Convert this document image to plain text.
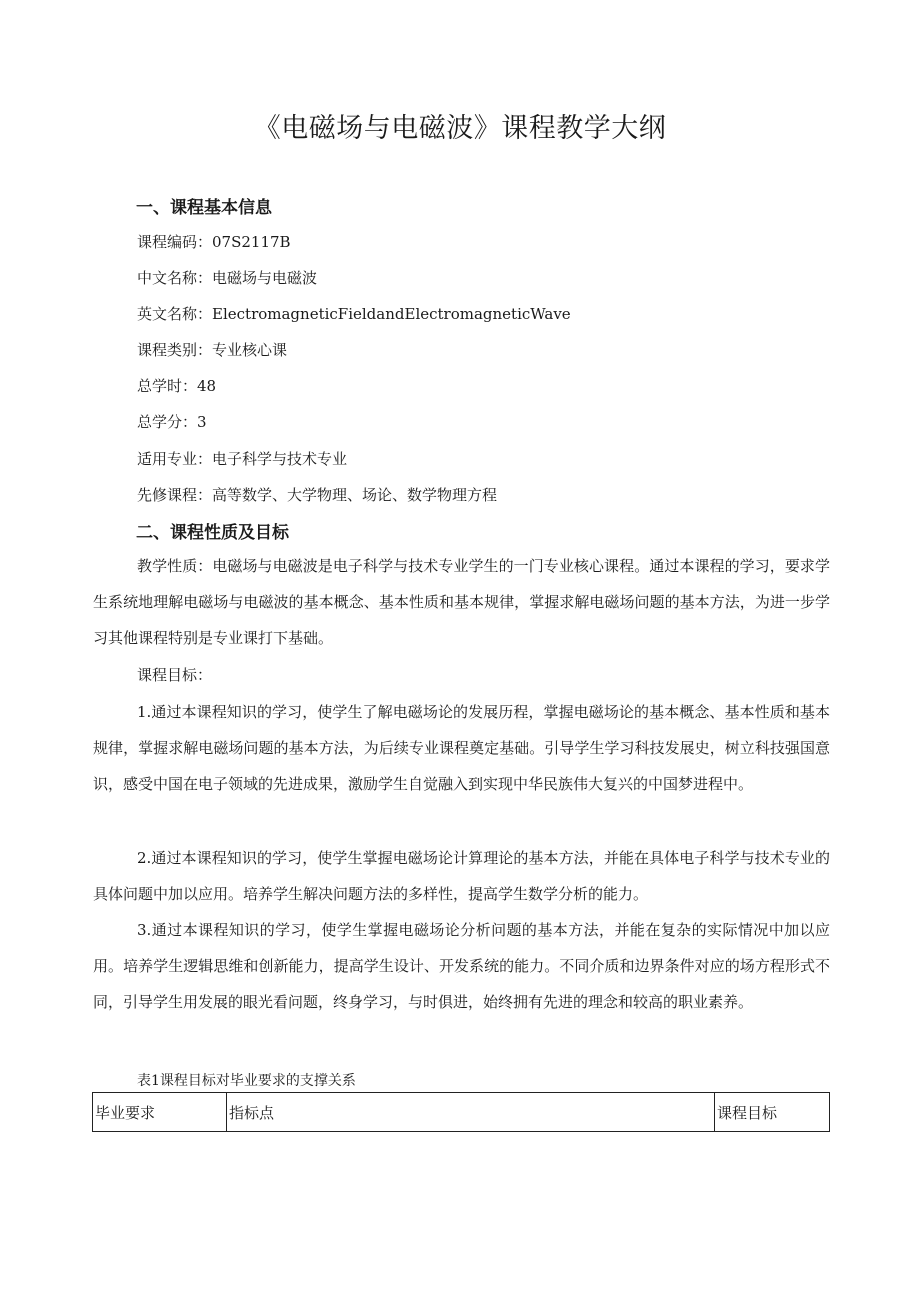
《电磁场与电磁波》课程教学大纲
一、课程基本信息

课程编码：07S2117B

中文名称：电磁场与电磁波

英文名称：ElectromagneticFieldandElectromagneticWave

课程类别：专业核心课

总学时：48

总学分：3

适用专业：电子科学与技术专业

先修课程：高等数学、大学物理、场论、数学物理方程

二、课程性质及目标

教学性质：电磁场与电磁波是电子科学与技术专业学生的一门专业核心课程。通过本课程的学习，要求学生系统地理解电磁场与电磁波的基本概念、基本性质和基本规律，掌握求解电磁场问题的基本方法，为进一步学习其他课程特别是专业课打下基础。

课程目标：

1.通过本课程知识的学习，使学生了解电磁场论的发展历程，掌握电磁场论的基本概念、基本性质和基本规律，掌握求解电磁场问题的基本方法，为后续专业课程奠定基础。引导学生学习科技发展史，树立科技强国意识，感受中国在电子领域的先进成果，激励学生自觉融入到实现中华民族伟大复兴的中国梦进程中。

2.通过本课程知识的学习，使学生掌握电磁场论计算理论的基本方法，并能在具体电子科学与技术专业的具体问题中加以应用。培养学生解决问题方法的多样性，提高学生数学分析的能力。

3.通过本课程知识的学习，使学生掌握电磁场论分析问题的基本方法，并能在复杂的实际情况中加以应用。培养学生逻辑思维和创新能力，提高学生设计、开发系统的能力。不同介质和边界条件对应的场方程形式不同，引导学生用发展的眼光看问题，终身学习，与时俱进，始终拥有先进的理念和较高的职业素养。

表1课程目标对毕业要求的支撑关系

毕业要求	指标点	课程目标
